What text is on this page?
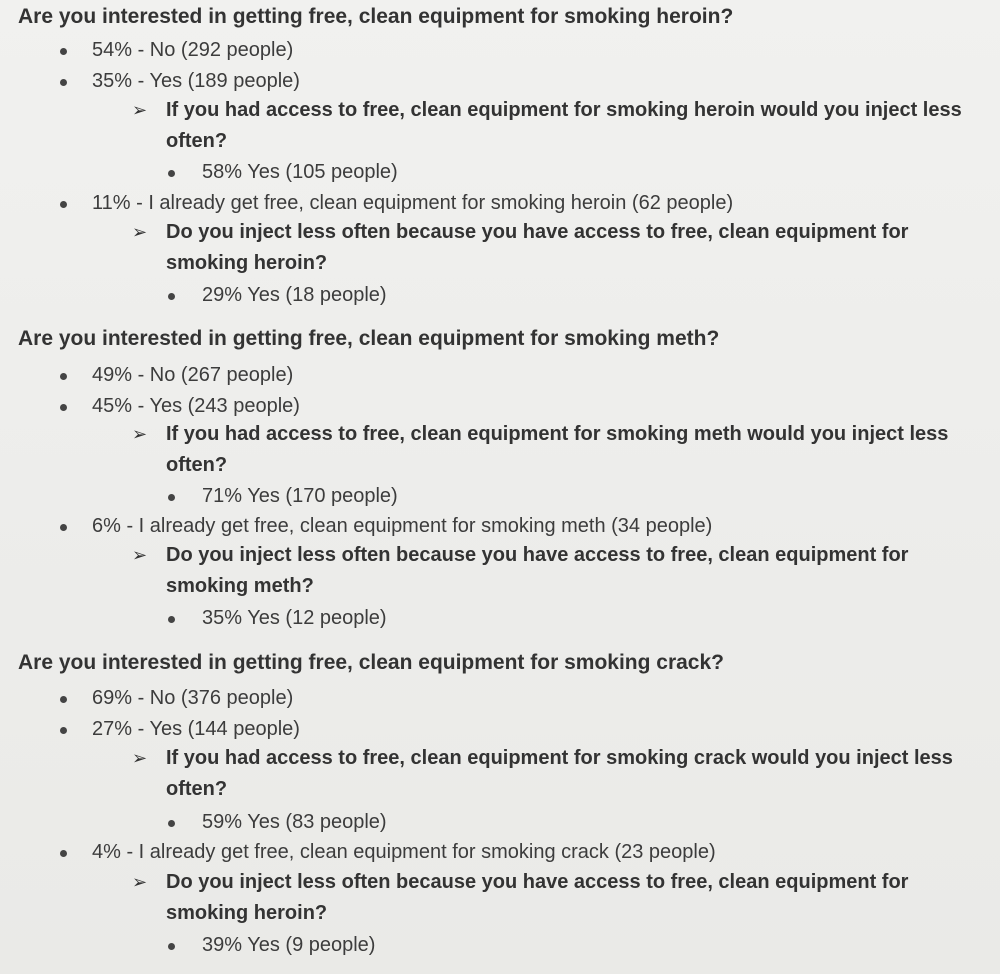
Are you interested in getting free, clean equipment for smoking heroin?
54% - No (292 people)
35% - Yes (189 people)
➢ If you had access to free, clean equipment for smoking heroin would you inject less often?
58% Yes (105 people)
11% - I already get free, clean equipment for smoking heroin (62 people)
➢ Do you inject less often because you have access to free, clean equipment for smoking heroin?
29% Yes (18 people)
Are you interested in getting free, clean equipment for smoking meth?
49% - No (267 people)
45% - Yes (243 people)
➢ If you had access to free, clean equipment for smoking meth would you inject less often?
71% Yes (170 people)
6% - I already get free, clean equipment for smoking meth (34 people)
➢ Do you inject less often because you have access to free, clean equipment for smoking meth?
35% Yes (12 people)
Are you interested in getting free, clean equipment for smoking crack?
69% - No (376 people)
27% - Yes (144 people)
➢ If you had access to free, clean equipment for smoking crack would you inject less often?
59% Yes (83 people)
4% - I already get free, clean equipment for smoking crack (23 people)
➢ Do you inject less often because you have access to free, clean equipment for smoking heroin?
39% Yes (9 people)
